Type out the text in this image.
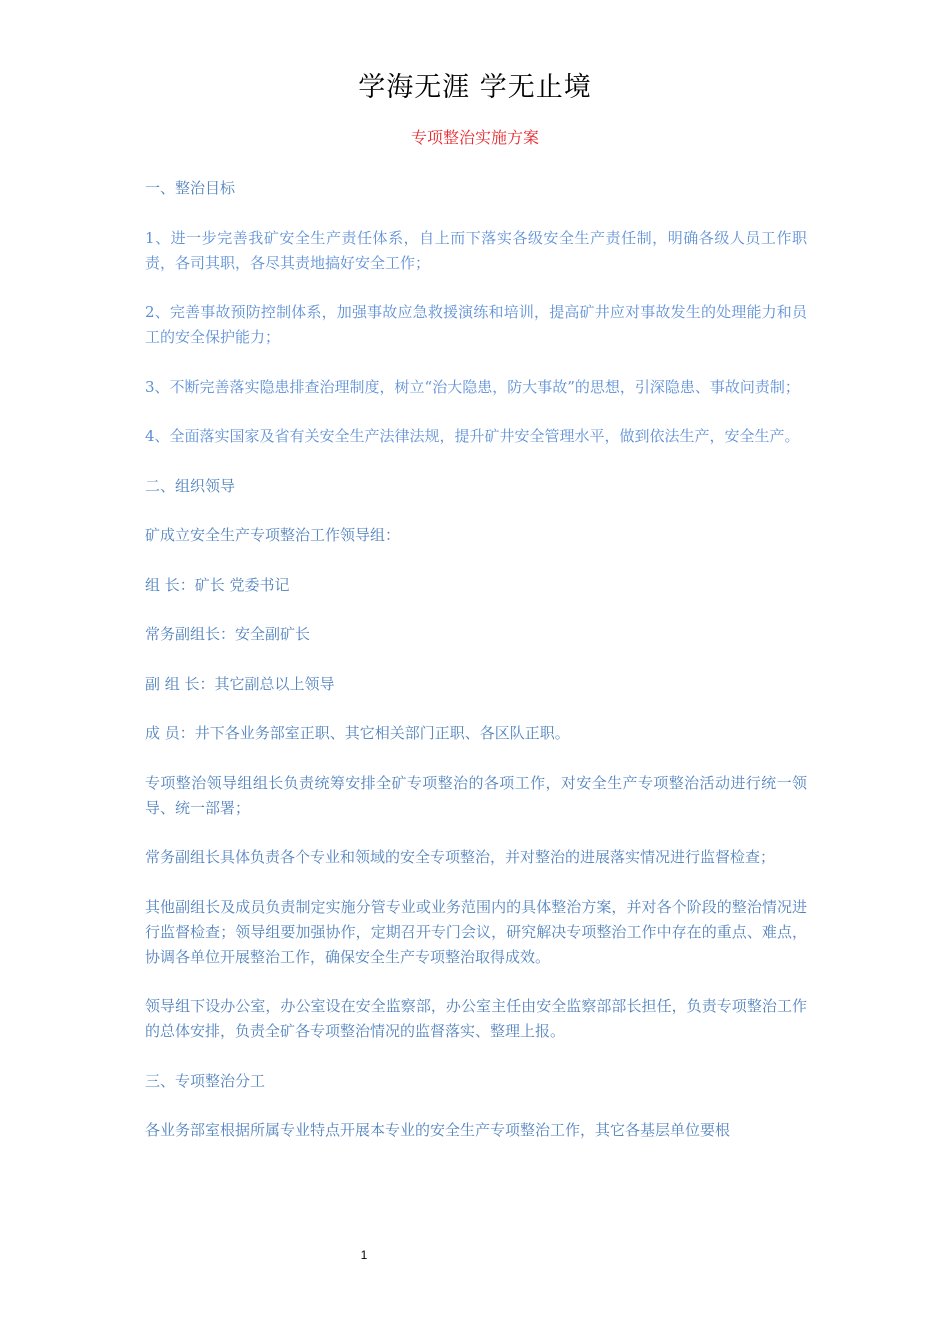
学海无涯 学无止境
专项整治实施方案

一、整治目标

1、进一步完善我矿安全生产责任体系，自上而下落实各级安全生产责任制，明确各级人员工作职责，各司其职，各尽其责地搞好安全工作；

2、完善事故预防控制体系，加强事故应急救援演练和培训，提高矿井应对事故发生的处理能力和员工的安全保护能力；

3、不断完善落实隐患排查治理制度，树立“治大隐患，防大事故”的思想，引深隐患、事故问责制；

4、全面落实国家及省有关安全生产法律法规，提升矿井安全管理水平，做到依法生产，安全生产。

二、组织领导

矿成立安全生产专项整治工作领导组：

组 长：矿长 党委书记

常务副组长：安全副矿长

副 组 长：其它副总以上领导

成 员：井下各业务部室正职、其它相关部门正职、各区队正职。

专项整治领导组组长负责统筹安排全矿专项整治的各项工作，对安全生产专项整治活动进行统一领导、统一部署；

常务副组长具体负责各个专业和领域的安全专项整治，并对整治的进展落实情况进行监督检查；

其他副组长及成员负责制定实施分管专业或业务范围内的具体整治方案，并对各个阶段的整治情况进行监督检查；领导组要加强协作，定期召开专门会议，研究解决专项整治工作中存在的重点、难点，协调各单位开展整治工作，确保安全生产专项整治取得成效。

领导组下设办公室，办公室设在安全监察部，办公室主任由安全监察部部长担任，负责专项整治工作的总体安排，负责全矿各专项整治情况的监督落实、整理上报。

三、专项整治分工

各业务部室根据所属专业特点开展本专业的安全生产专项整治工作，其它各基层单位要根

1
